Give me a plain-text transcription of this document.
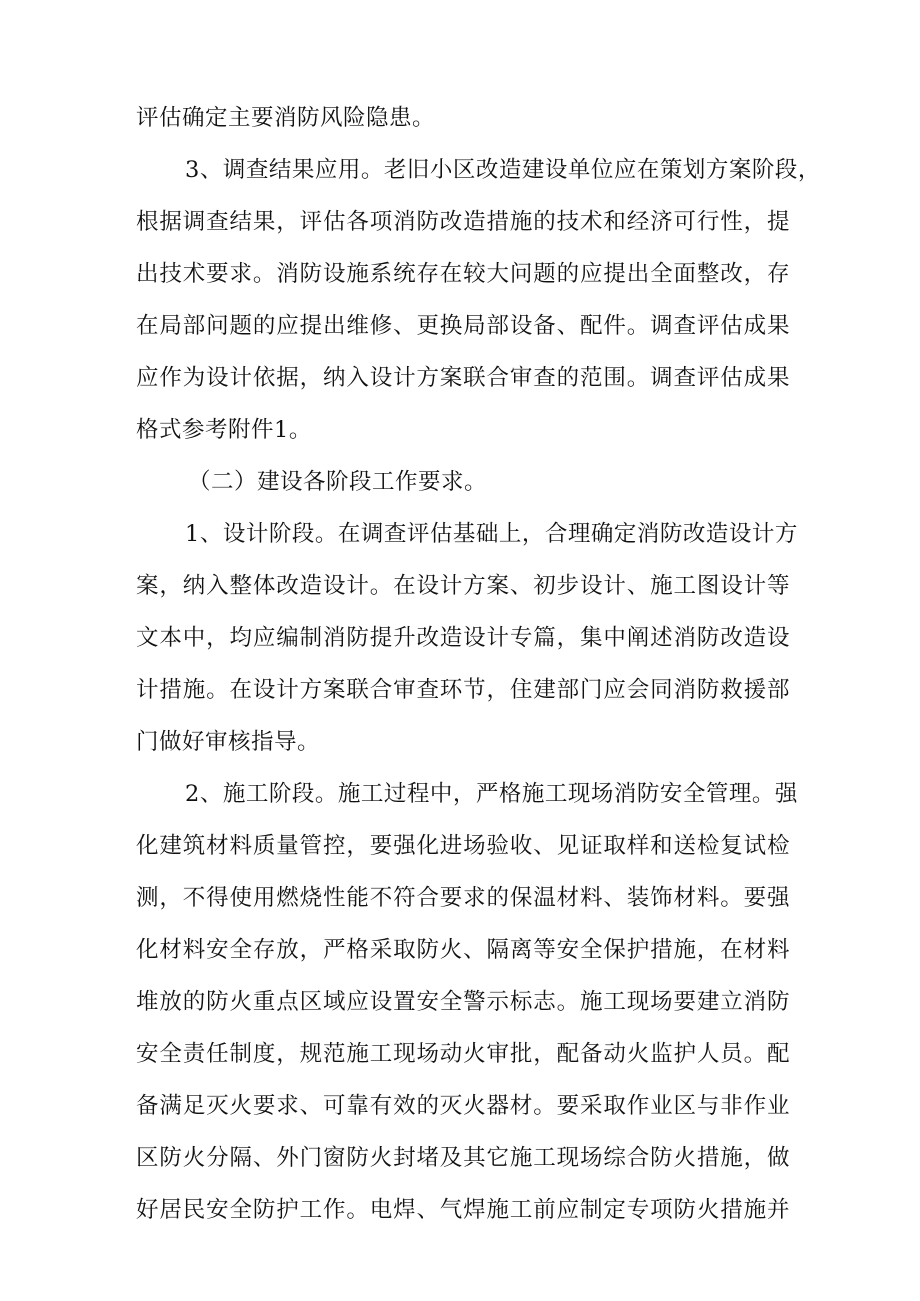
评估确定主要消防风险隐患。
3、调查结果应用。老旧小区改造建设单位应在策划方案阶段，
根据调查结果，评估各项消防改造措施的技术和经济可行性，提
出技术要求。消防设施系统存在较大问题的应提出全面整改，存
在局部问题的应提出维修、更换局部设备、配件。调查评估成果
应作为设计依据，纳入设计方案联合审查的范围。调查评估成果
格式参考附件1。
（二）建设各阶段工作要求。
1、设计阶段。在调查评估基础上，合理确定消防改造设计方
案，纳入整体改造设计。在设计方案、初步设计、施工图设计等
文本中，均应编制消防提升改造设计专篇，集中阐述消防改造设
计措施。在设计方案联合审查环节，住建部门应会同消防救援部
门做好审核指导。
2、施工阶段。施工过程中，严格施工现场消防安全管理。强
化建筑材料质量管控，要强化进场验收、见证取样和送检复试检
测，不得使用燃烧性能不符合要求的保温材料、装饰材料。要强
化材料安全存放，严格采取防火、隔离等安全保护措施，在材料
堆放的防火重点区域应设置安全警示标志。施工现场要建立消防
安全责任制度，规范施工现场动火审批，配备动火监护人员。配
备满足灭火要求、可靠有效的灭火器材。要采取作业区与非作业
区防火分隔、外门窗防火封堵及其它施工现场综合防火措施，做
好居民安全防护工作。电焊、气焊施工前应制定专项防火措施并
